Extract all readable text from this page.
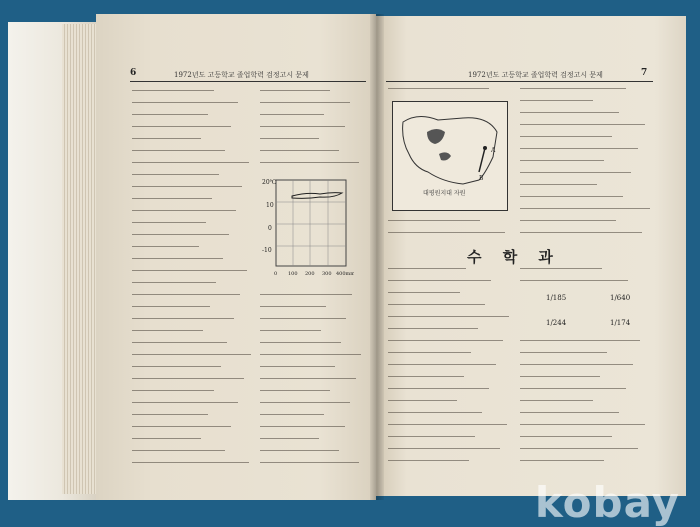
6	1972년도 고등학교 졸업학력 검정고시 문제	7
1972년도 고등학교 졸업학력 검정고시 문제
A
B
대평원지대 자원
수 학 과
20℃
10
0
-10
0 100 200 300 400mm
1/185	1/640
1/244	1/174
kobay
